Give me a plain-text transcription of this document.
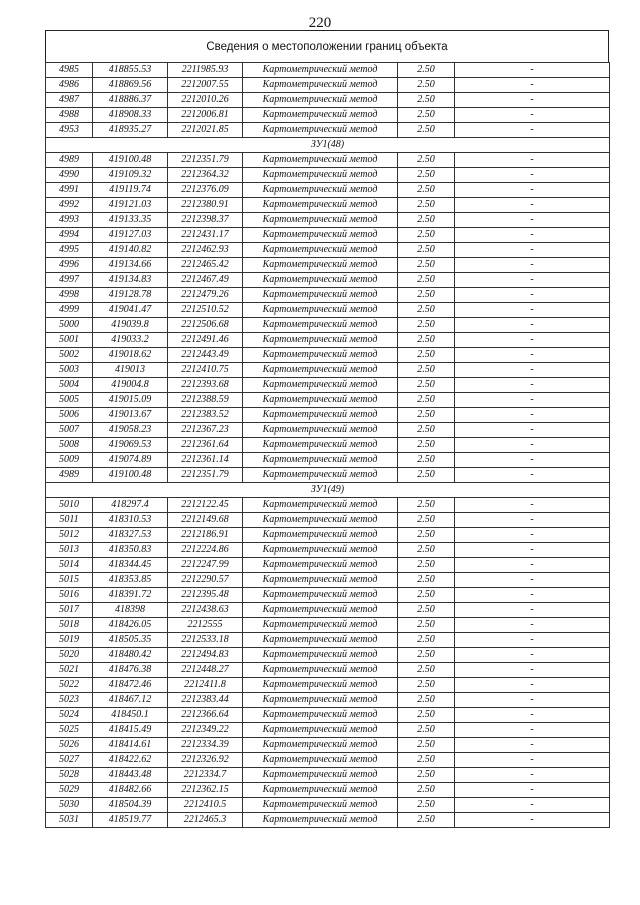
220
Сведения о местоположении границ объекта
4985	418855.53	2211985.93	Картометрический метод	2.50	-
4986	418869.56	2212007.55	Картометрический метод	2.50	-
4987	418886.37	2212010.26	Картометрический метод	2.50	-
4988	418908.33	2212006.81	Картометрический метод	2.50	-
4953	418935.27	2212021.85	Картометрический метод	2.50	-
ЗУ1(48)					
4989	419100.48	2212351.79	Картометрический метод	2.50	-
4990	419109.32	2212364.32	Картометрический метод	2.50	-
4991	419119.74	2212376.09	Картометрический метод	2.50	-
4992	419121.03	2212380.91	Картометрический метод	2.50	-
4993	419133.35	2212398.37	Картометрический метод	2.50	-
4994	419127.03	2212431.17	Картометрический метод	2.50	-
4995	419140.82	2212462.93	Картометрический метод	2.50	-
4996	419134.66	2212465.42	Картометрический метод	2.50	-
4997	419134.83	2212467.49	Картометрический метод	2.50	-
4998	419128.78	2212479.26	Картометрический метод	2.50	-
4999	419041.47	2212510.52	Картометрический метод	2.50	-
5000	419039.8	2212506.68	Картометрический метод	2.50	-
5001	419033.2	2212491.46	Картометрический метод	2.50	-
5002	419018.62	2212443.49	Картометрический метод	2.50	-
5003	419013	2212410.75	Картометрический метод	2.50	-
5004	419004.8	2212393.68	Картометрический метод	2.50	-
5005	419015.09	2212388.59	Картометрический метод	2.50	-
5006	419013.67	2212383.52	Картометрический метод	2.50	-
5007	419058.23	2212367.23	Картометрический метод	2.50	-
5008	419069.53	2212361.64	Картометрический метод	2.50	-
5009	419074.89	2212361.14	Картометрический метод	2.50	-
4989	419100.48	2212351.79	Картометрический метод	2.50	-
ЗУ1(49)					
5010	418297.4	2212122.45	Картометрический метод	2.50	-
5011	418310.53	2212149.68	Картометрический метод	2.50	-
5012	418327.53	2212186.91	Картометрический метод	2.50	-
5013	418350.83	2212224.86	Картометрический метод	2.50	-
5014	418344.45	2212247.99	Картометрический метод	2.50	-
5015	418353.85	2212290.57	Картометрический метод	2.50	-
5016	418391.72	2212395.48	Картометрический метод	2.50	-
5017	418398	2212438.63	Картометрический метод	2.50	-
5018	418426.05	2212555	Картометрический метод	2.50	-
5019	418505.35	2212533.18	Картометрический метод	2.50	-
5020	418480.42	2212494.83	Картометрический метод	2.50	-
5021	418476.38	2212448.27	Картометрический метод	2.50	-
5022	418472.46	2212411.8	Картометрический метод	2.50	-
5023	418467.12	2212383.44	Картометрический метод	2.50	-
5024	418450.1	2212366.64	Картометрический метод	2.50	-
5025	418415.49	2212349.22	Картометрический метод	2.50	-
5026	418414.61	2212334.39	Картометрический метод	2.50	-
5027	418422.62	2212326.92	Картометрический метод	2.50	-
5028	418443.48	2212334.7	Картометрический метод	2.50	-
5029	418482.66	2212362.15	Картометрический метод	2.50	-
5030	418504.39	2212410.5	Картометрический метод	2.50	-
5031	418519.77	2212465.3	Картометрический метод	2.50	-
